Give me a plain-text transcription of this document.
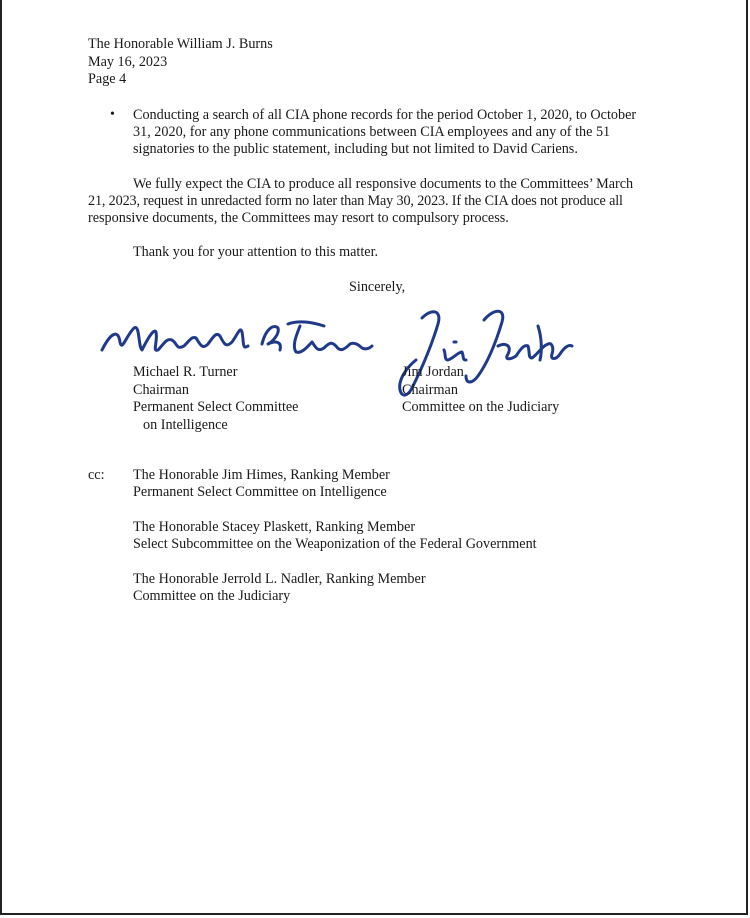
The Honorable William J. Burns
May 16, 2023
Page 4
• Conducting a search of all CIA phone records for the period October 1, 2020, to October
31, 2020, for any phone communications between CIA employees and any of the 51
signatories to the public statement, including but not limited to David Cariens.
We fully expect the CIA to produce all responsive documents to the Committees’ March
21, 2023, request in unredacted form no later than May 30, 2023. If the CIA does not produce all
responsive documents, the Committees may resort to compulsory process.
Thank you for your attention to this matter.
Sincerely,
Michael R. Turner
Chairman
Permanent Select Committee
on Intelligence
Jim Jordan
Chairman
Committee on the Judiciary
cc: The Honorable Jim Himes, Ranking Member
Permanent Select Committee on Intelligence
The Honorable Stacey Plaskett, Ranking Member
Select Subcommittee on the Weaponization of the Federal Government
The Honorable Jerrold L. Nadler, Ranking Member
Committee on the Judiciary
